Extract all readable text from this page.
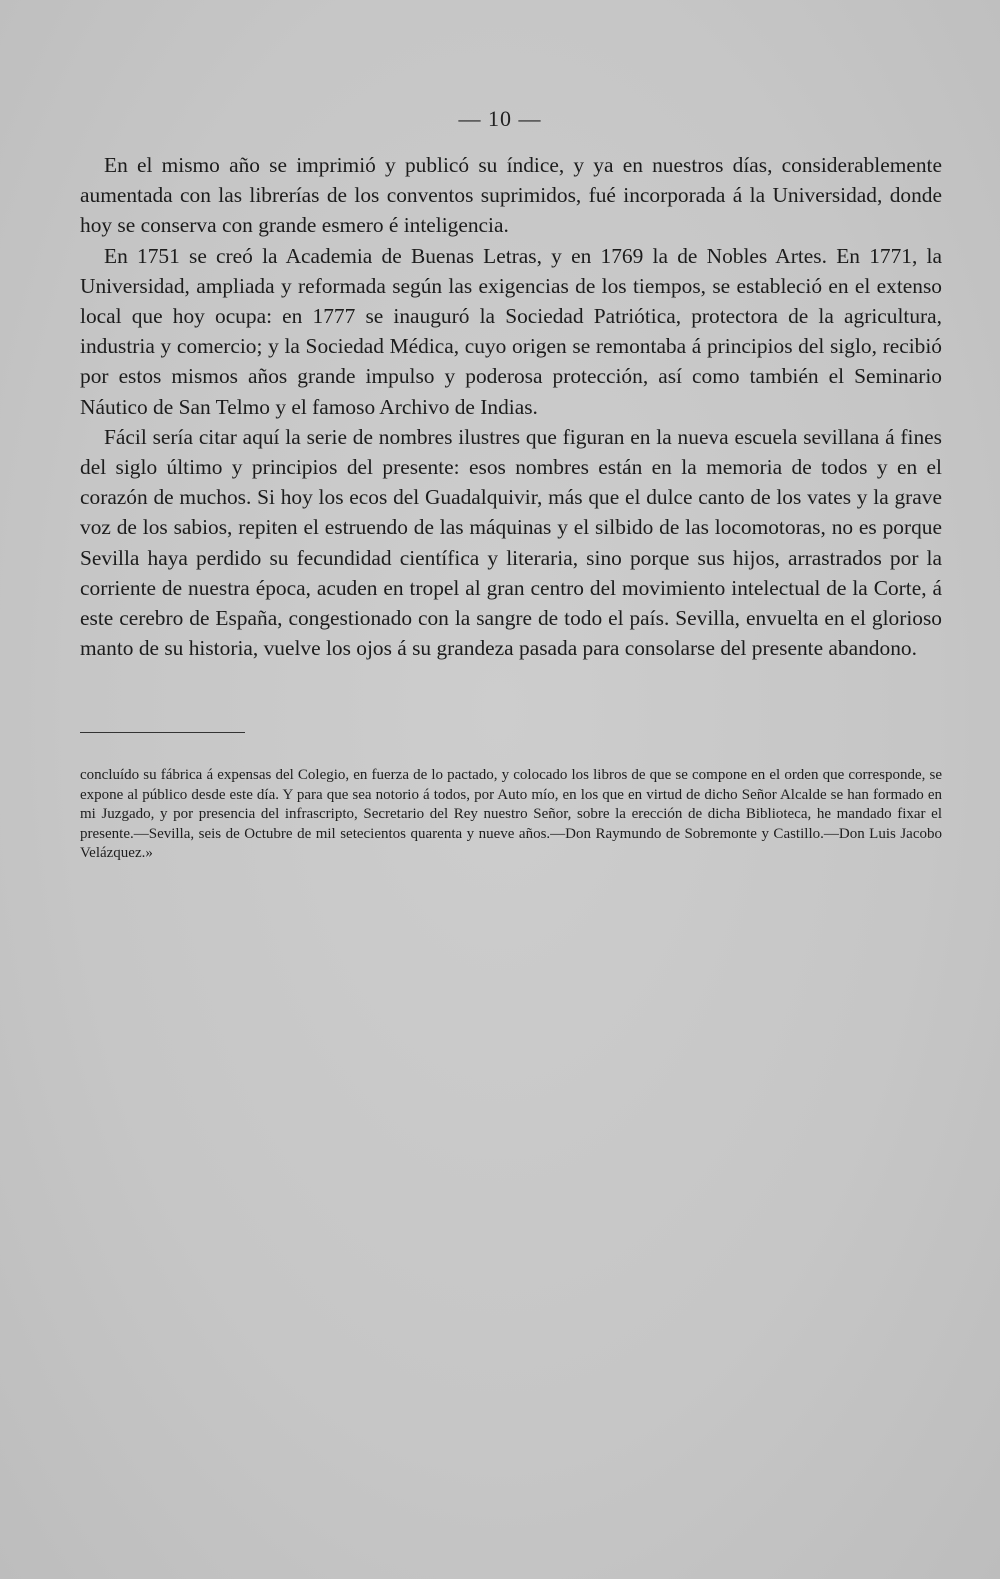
— 10 —

En el mismo año se imprimió y publicó su índice, y ya en nuestros días, considerablemente aumentada con las librerías de los conventos suprimidos, fué incorporada á la Universidad, donde hoy se conserva con grande esmero é inteligencia.

En 1751 se creó la Academia de Buenas Letras, y en 1769 la de Nobles Artes. En 1771, la Universidad, ampliada y reformada según las exigencias de los tiempos, se estableció en el extenso local que hoy ocupa: en 1777 se inauguró la Sociedad Patriótica, protectora de la agricultura, industria y comercio; y la Sociedad Médica, cuyo origen se remontaba á principios del siglo, recibió por estos mismos años grande impulso y poderosa protección, así como también el Seminario Náutico de San Telmo y el famoso Archivo de Indias.

Fácil sería citar aquí la serie de nombres ilustres que figuran en la nueva escuela sevillana á fines del siglo último y principios del presente: esos nombres están en la memoria de todos y en el corazón de muchos. Si hoy los ecos del Guadalquivir, más que el dulce canto de los vates y la grave voz de los sabios, repiten el estruendo de las máquinas y el silbido de las locomotoras, no es porque Sevilla haya perdido su fecundidad científica y literaria, sino porque sus hijos, arrastrados por la corriente de nuestra época, acuden en tropel al gran centro del movimiento intelectual de la Corte, á este cerebro de España, congestionado con la sangre de todo el país. Sevilla, envuelta en el glorioso manto de su historia, vuelve los ojos á su grandeza pasada para consolarse del presente abandono.

concluído su fábrica á expensas del Colegio, en fuerza de lo pactado, y colocado los libros de que se compone en el orden que corresponde, se expone al público desde este día. Y para que sea notorio á todos, por Auto mío, en los que en virtud de dicho Señor Alcalde se han formado en mi Juzgado, y por presencia del infrascripto, Secretario del Rey nuestro Señor, sobre la erección de dicha Biblioteca, he mandado fixar el presente.—Sevilla, seis de Octubre de mil setecientos quarenta y nueve años.—Don Raymundo de Sobremonte y Castillo.—Don Luis Jacobo Velázquez.»
